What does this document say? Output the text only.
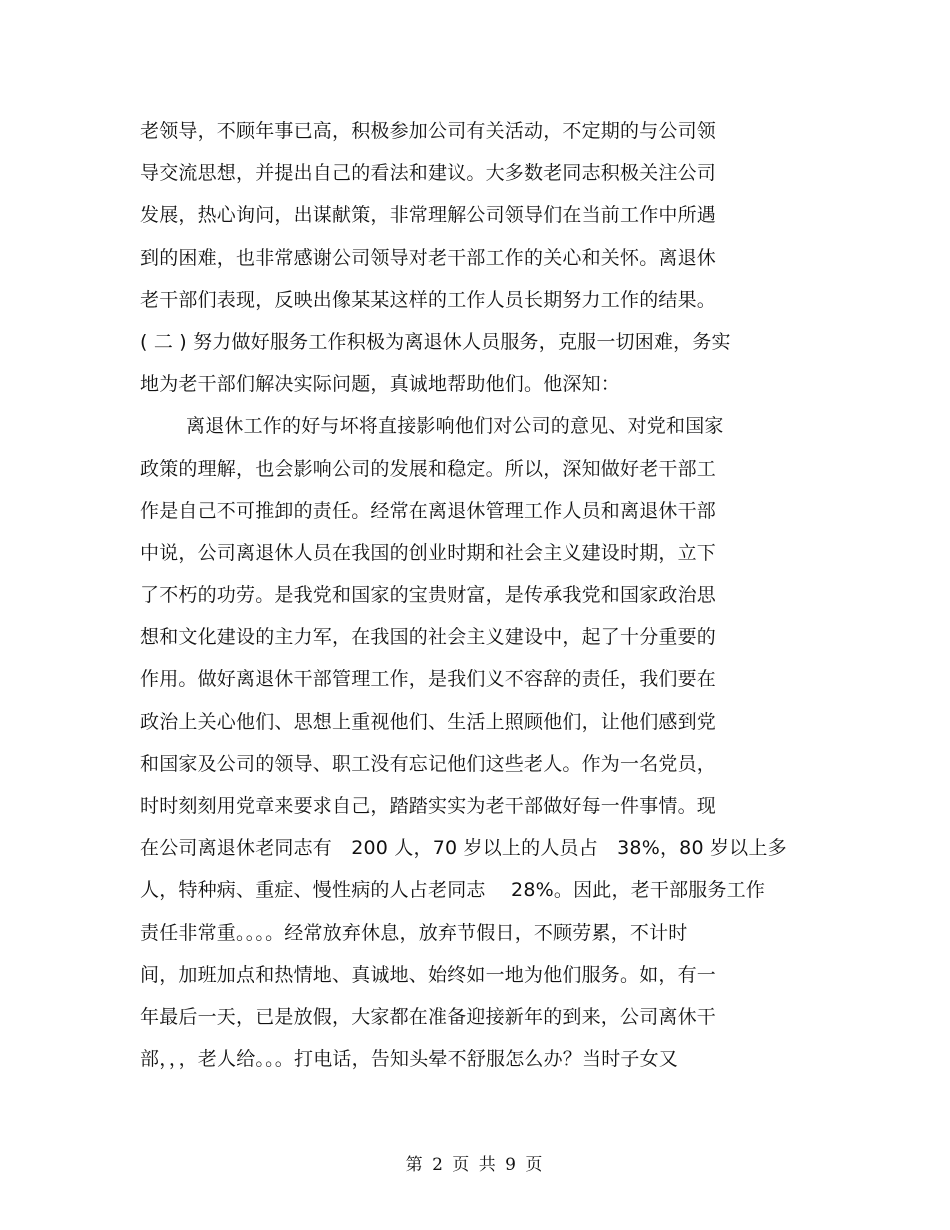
老领导，不顾年事已高，积极参加公司有关活动，不定期的与公司领
导交流思想，并提出自己的看法和建议。大多数老同志积极关注公司
发展，热心询问，出谋献策，非常理解公司领导们在当前工作中所遇
到的困难，也非常感谢公司领导对老干部工作的关心和关怀。离退休
老干部们表现，反映出像某某这样的工作人员长期努力工作的结果。
( 二 ) 努力做好服务工作积极为离退休人员服务，克服一切困难，务实
地为老干部们解决实际问题，真诚地帮助他们。他深知：
离退休工作的好与坏将直接影响他们对公司的意见、对党和国家
政策的理解，也会影响公司的发展和稳定。所以，深知做好老干部工
作是自己不可推卸的责任。经常在离退休管理工作人员和离退休干部
中说，公司离退休人员在我国的创业时期和社会主义建设时期，立下
了不朽的功劳。是我党和国家的宝贵财富，是传承我党和国家政治思
想和文化建设的主力军，在我国的社会主义建设中，起了十分重要的
作用。做好离退休干部管理工作，是我们义不容辞的责任，我们要在
政治上关心他们、思想上重视他们、生活上照顾他们，让他们感到党
和国家及公司的领导、职工没有忘记他们这些老人。作为一名党员，
时时刻刻用党章来要求自己，踏踏实实为老干部做好每一件事情。现
在公司离退休老同志有　200 人，70 岁以上的人员占　38%，80 岁以上多
人，特种病、重症、慢性病的人占老同志　 28%。因此，老干部服务工作
责任非常重。。。。经常放弃休息，放弃节假日，不顾劳累，不计时
间，加班加点和热情地、真诚地、始终如一地为他们服务。如，有一
年最后一天，已是放假，大家都在准备迎接新年的到来，公司离休干
部，，，老人给。。。打电话，告知头晕不舒服怎么办？当时子女又
第 2 页 共 9 页
